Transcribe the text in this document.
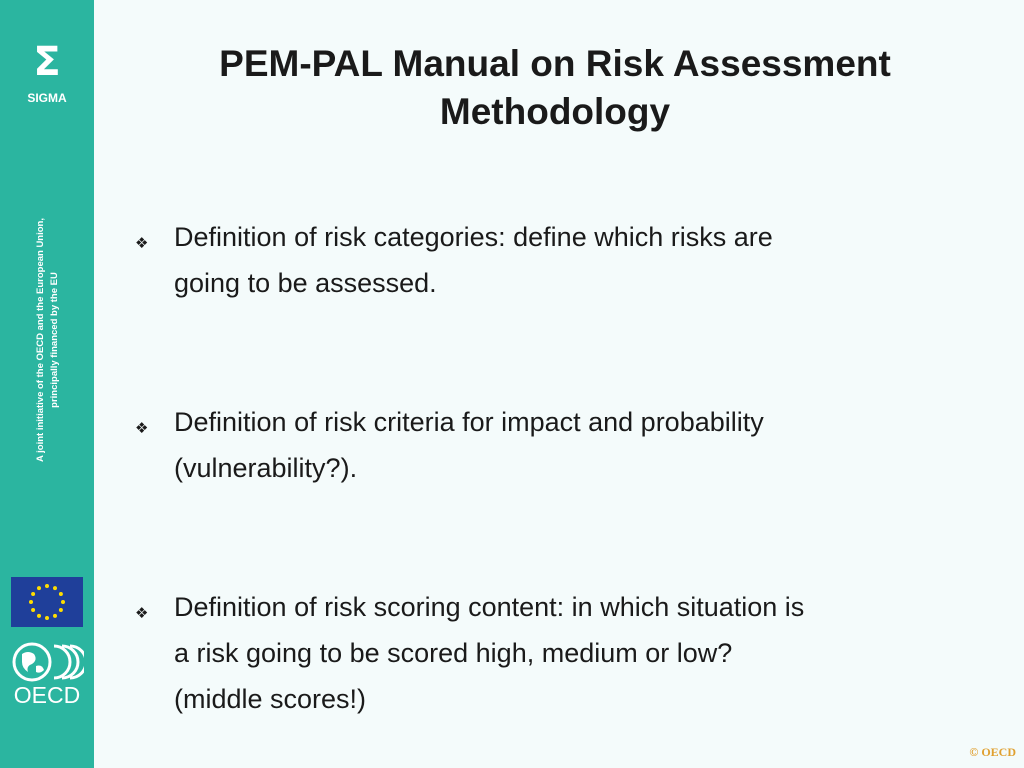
Σ
SIGMA
A joint initiative of the OECD and the European Union, principally financed by the EU
OECD
PEM-PAL Manual on Risk Assessment
Methodology
❖ Definition of risk categories: define which risks are
going to be assessed.
❖ Definition of risk criteria for impact and probability
(vulnerability?).
❖ Definition of risk scoring content: in which situation is
a risk going to be scored high, medium or low?
(middle scores!)
© OECD
